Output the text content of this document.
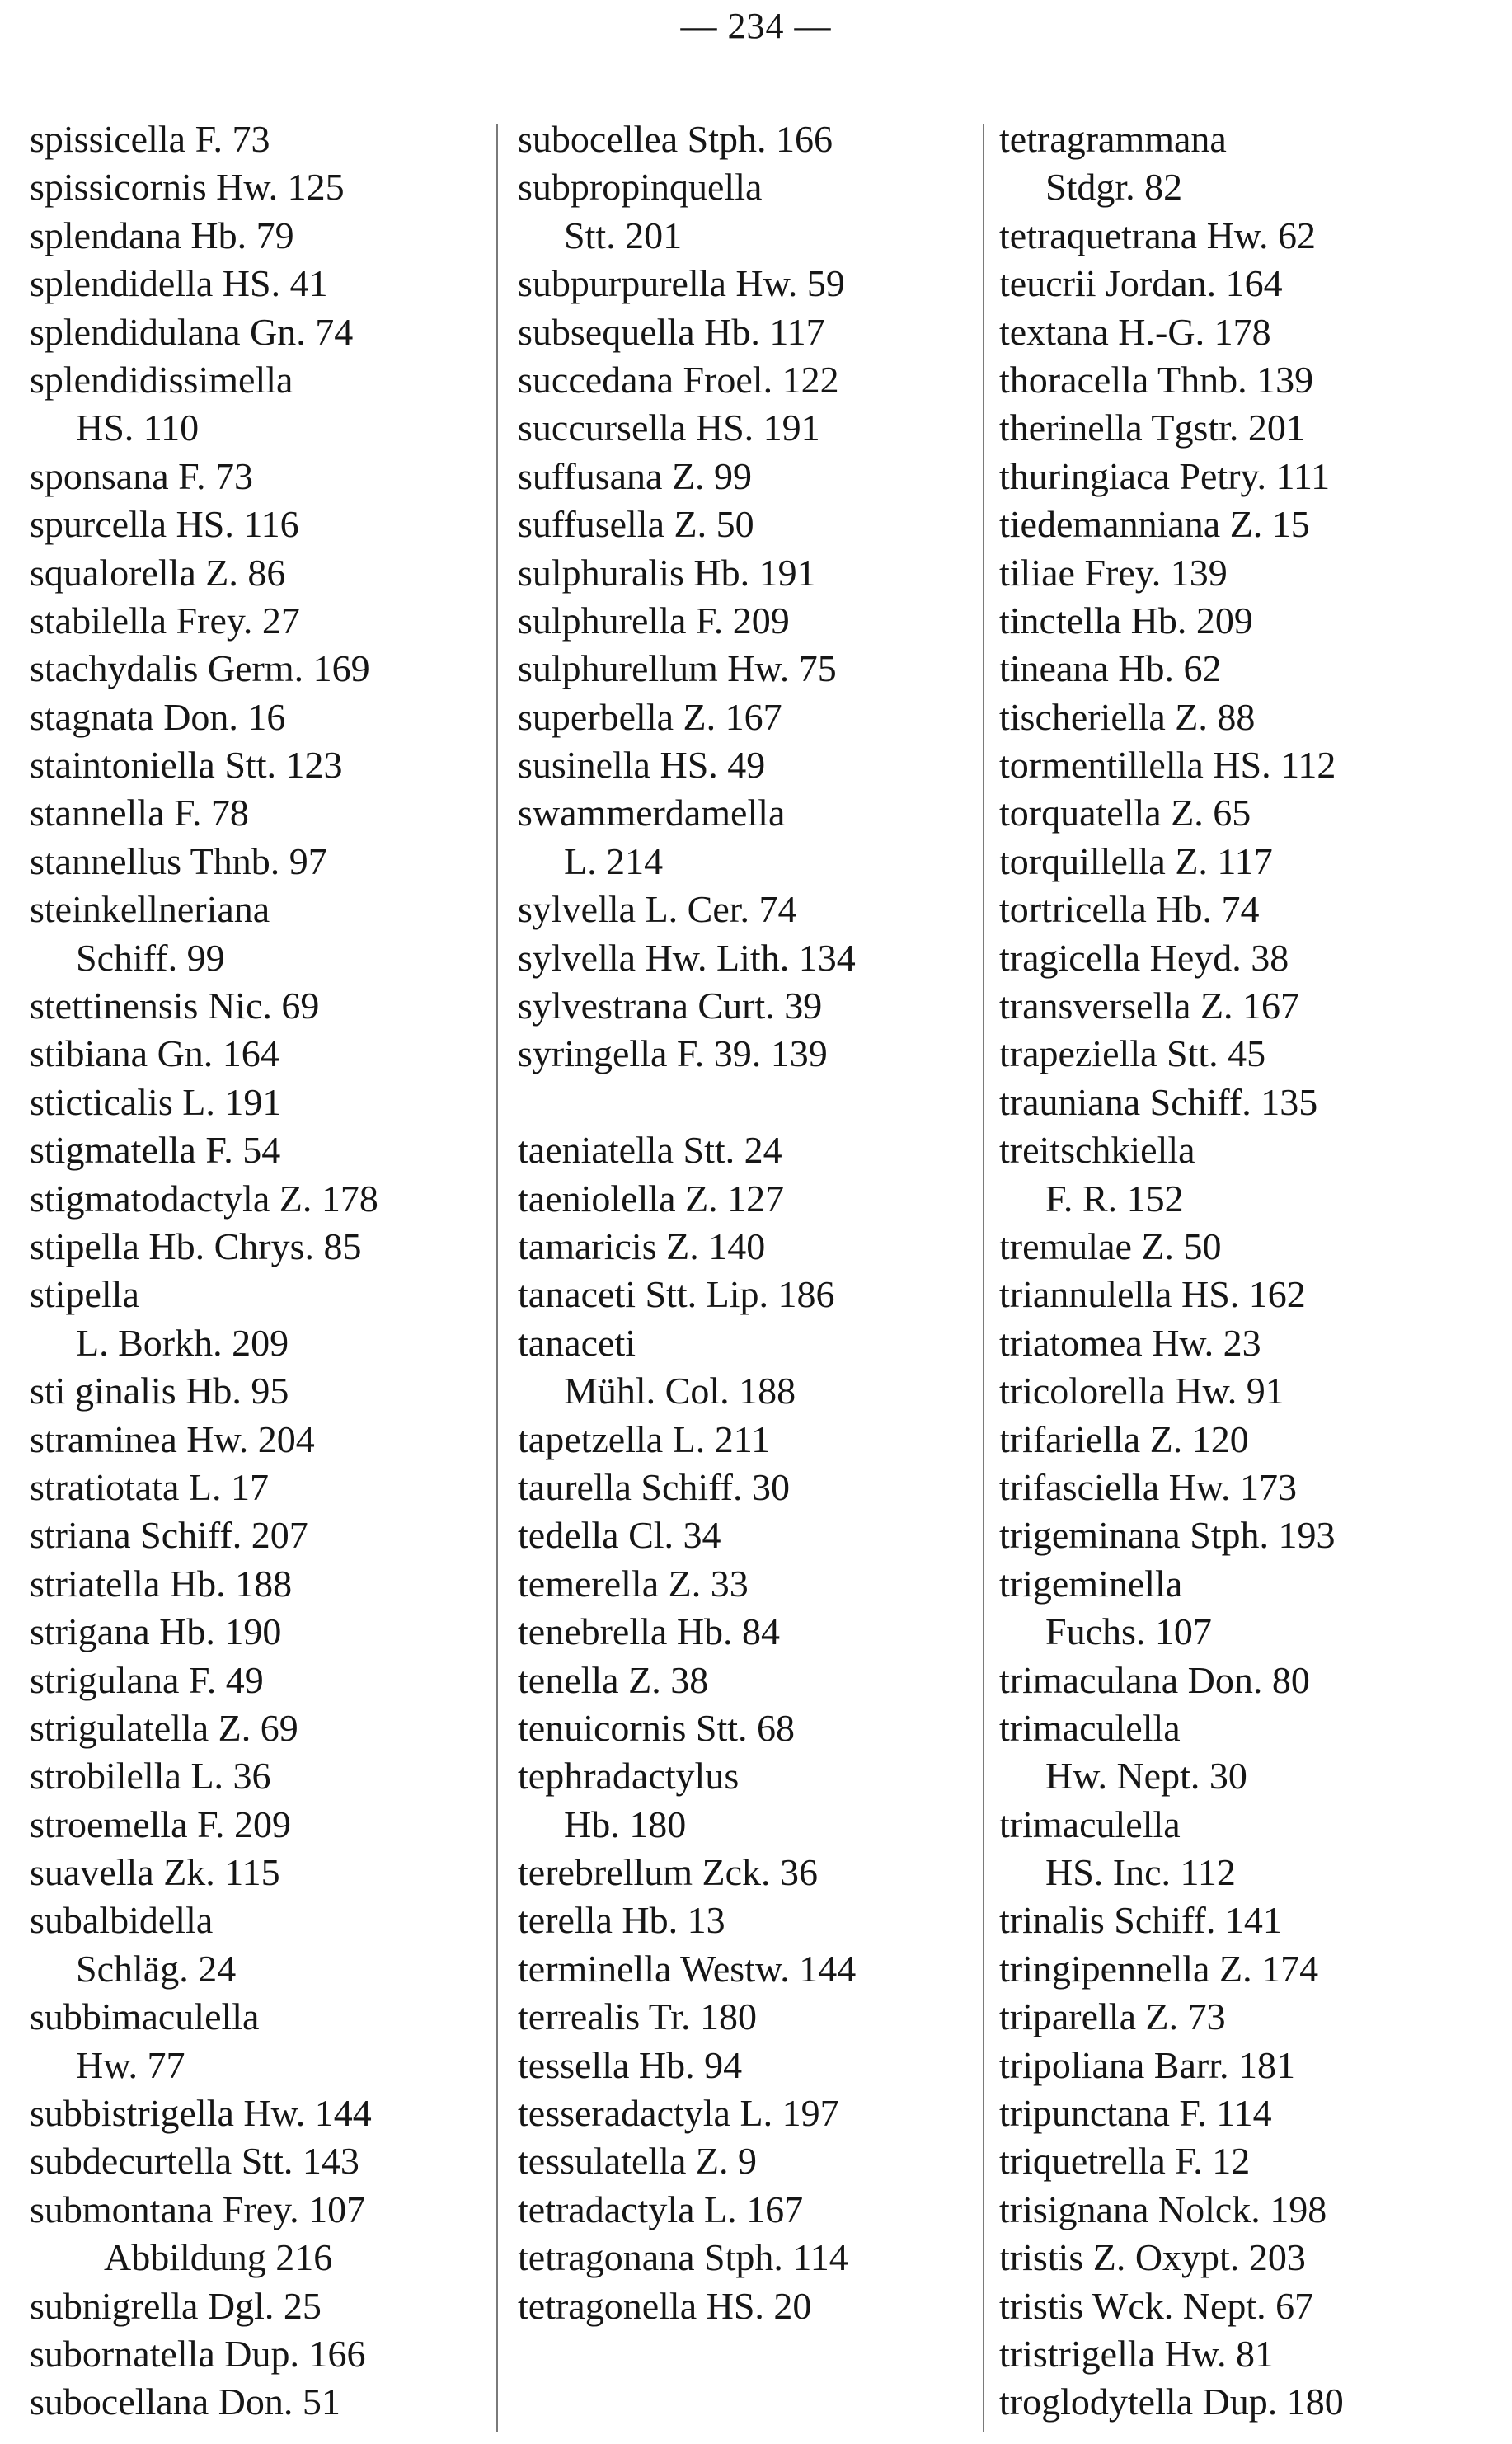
— 234 —
spissicella F. 73
spissicornis Hw. 125
splendana Hb. 79
splendidella HS. 41
splendidulana Gn. 74
splendidissimella
HS. 110
sponsana F. 73
spurcella HS. 116
squalorella Z. 86
stabilella Frey. 27
stachydalis Germ. 169
stagnata Don. 16
staintoniella Stt. 123
stannella F. 78
stannellus Thnb. 97
steinkellneriana
Schiff. 99
stettinensis Nic. 69
stibiana Gn. 164
sticticalis L. 191
stigmatella F. 54
stigmatodactyla Z. 178
stipella Hb. Chrys. 85
stipella
L. Borkh. 209
sti ginalis Hb. 95
straminea Hw. 204
stratiotata L. 17
striana Schiff. 207
striatella Hb. 188
strigana Hb. 190
strigulana F. 49
strigulatella Z. 69
strobilella L. 36
stroemella F. 209
suavella Zk. 115
subalbidella
Schläg. 24
subbimaculella
Hw. 77
subbistrigella Hw. 144
subdecurtella Stt. 143
submontana Frey. 107
Abbildung 216
subnigrella Dgl. 25
subornatella Dup. 166
subocellana Don. 51
subocellea Stph. 166
subpropinquella
Stt. 201
subpurpurella Hw. 59
subsequella Hb. 117
succedana Froel. 122
succursella HS. 191
suffusana Z. 99
suffusella Z. 50
sulphuralis Hb. 191
sulphurella F. 209
sulphurellum Hw. 75
superbella Z. 167
susinella HS. 49
swammerdamella
L. 214
sylvella L. Cer. 74
sylvella Hw. Lith. 134
sylvestrana Curt. 39
syringella F. 39. 139
taeniatella Stt. 24
taeniolella Z. 127
tamaricis Z. 140
tanaceti Stt. Lip. 186
tanaceti
Mühl. Col. 188
tapetzella L. 211
taurella Schiff. 30
tedella Cl. 34
temerella Z. 33
tenebrella Hb. 84
tenella Z. 38
tenuicornis Stt. 68
tephradactylus
Hb. 180
terebrellum Zck. 36
terella Hb. 13
terminella Westw. 144
terrealis Tr. 180
tessella Hb. 94
tesseradactyla L. 197
tessulatella Z. 9
tetradactyla L. 167
tetragonana Stph. 114
tetragonella HS. 20
tetragrammana
Stdgr. 82
tetraquetrana Hw. 62
teucrii Jordan. 164
textana H.-G. 178
thoracella Thnb. 139
therinella Tgstr. 201
thuringiaca Petry. 111
tiedemanniana Z. 15
tiliae Frey. 139
tinctella Hb. 209
tineana Hb. 62
tischeriella Z. 88
tormentillella HS. 112
torquatella Z. 65
torquillella Z. 117
tortricella Hb. 74
tragicella Heyd. 38
transversella Z. 167
trapeziella Stt. 45
trauniana Schiff. 135
treitschkiella
F. R. 152
tremulae Z. 50
triannulella HS. 162
triatomea Hw. 23
tricolorella Hw. 91
trifariella Z. 120
trifasciella Hw. 173
trigeminana Stph. 193
trigeminella
Fuchs. 107
trimaculana Don. 80
trimaculella
Hw. Nept. 30
trimaculella
HS. Inc. 112
trinalis Schiff. 141
tringipennella Z. 174
triparella Z. 73
tripoliana Barr. 181
tripunctana F. 114
triquetrella F. 12
trisignana Nolck. 198
tristis Z. Oxypt. 203
tristis Wck. Nept. 67
tristrigella Hw. 81
troglodytella Dup. 180
